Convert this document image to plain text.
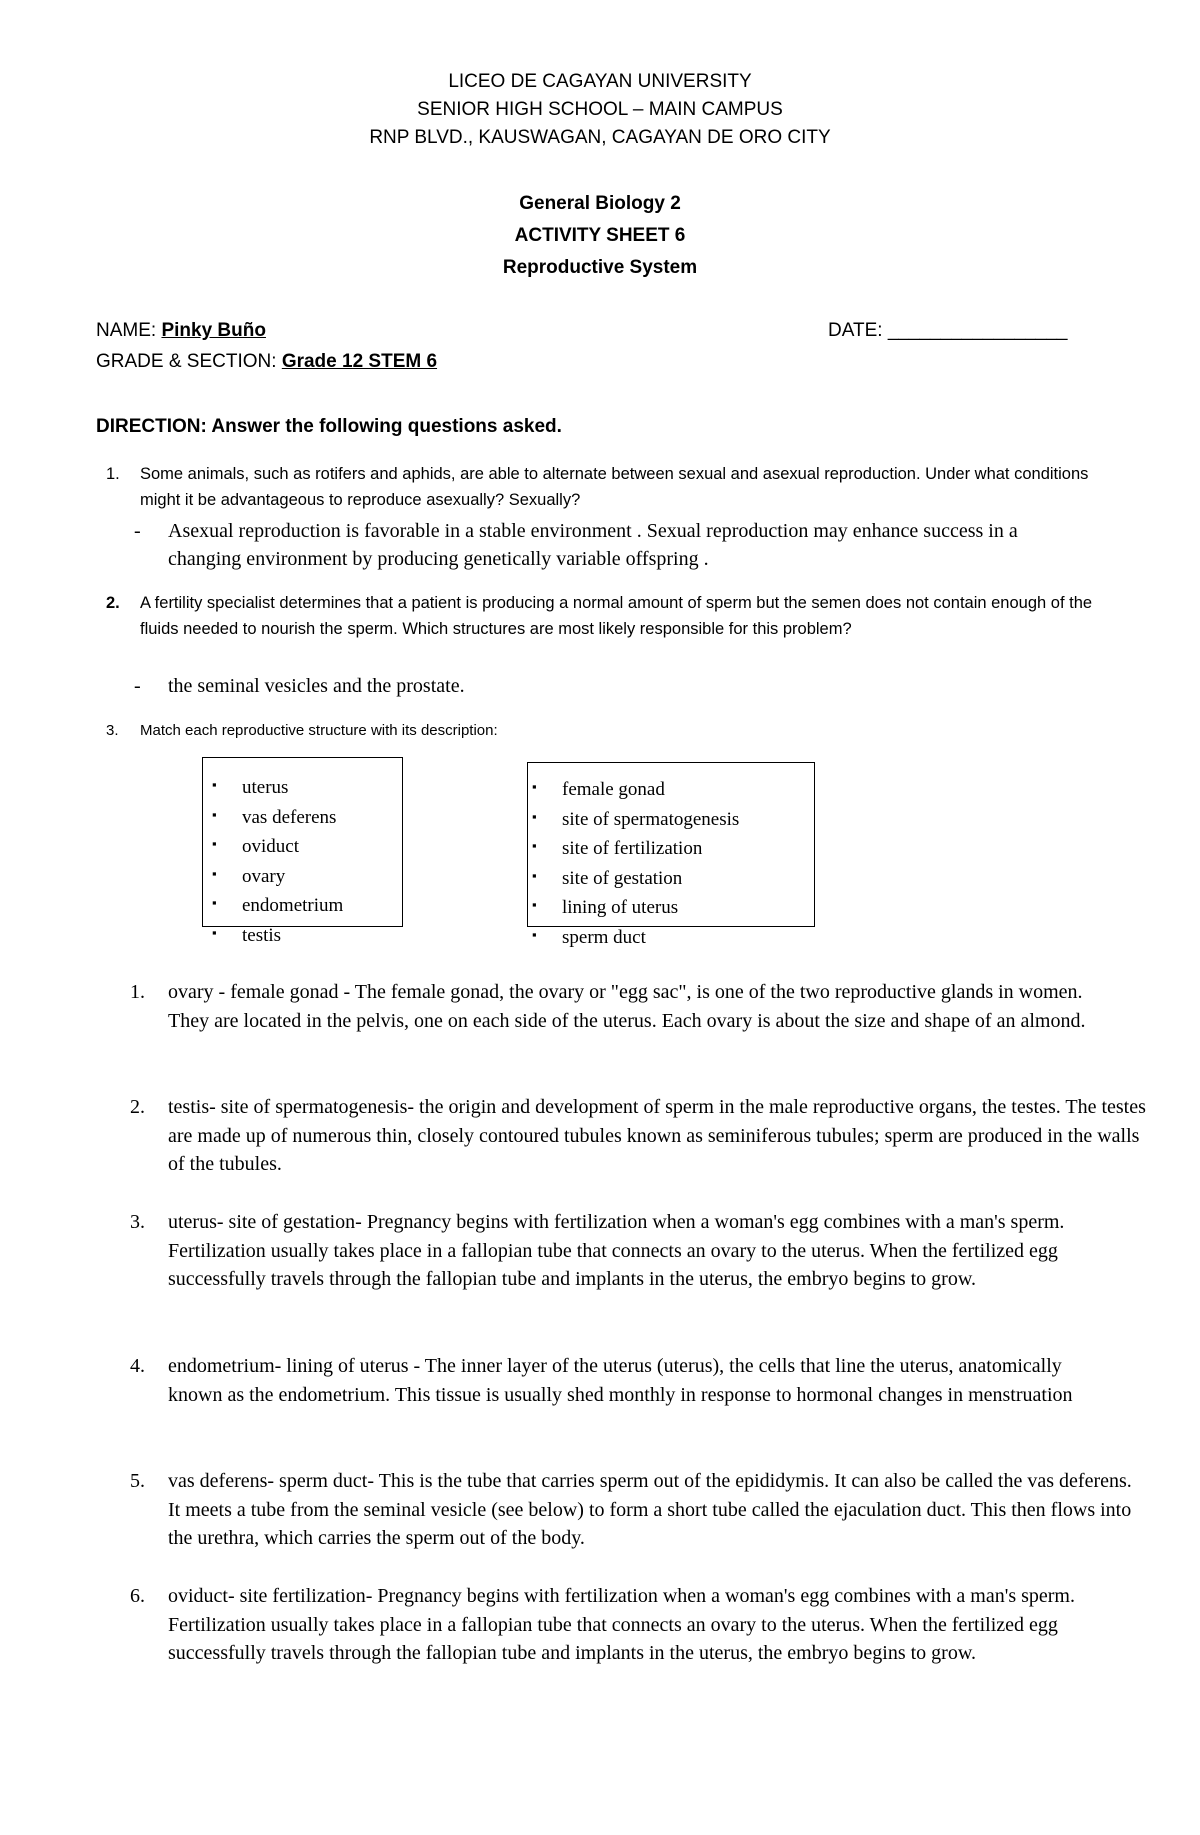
LICEO DE CAGAYAN UNIVERSITY
SENIOR HIGH SCHOOL – MAIN CAMPUS
RNP BLVD., KAUSWAGAN, CAGAYAN DE ORO CITY
General Biology 2
ACTIVITY SHEET 6
Reproductive System
NAME: Pinky Buño	DATE: _________________
GRADE & SECTION: Grade 12 STEM 6
DIRECTION: Answer the following questions asked.
1. Some animals, such as rotifers and aphids, are able to alternate between sexual and asexual reproduction. Under what conditions might it be advantageous to reproduce asexually? Sexually?
- Asexual reproduction is favorable in a stable environment . Sexual reproduction may enhance success in a changing environment by producing genetically variable offspring .
2. A fertility specialist determines that a patient is producing a normal amount of sperm but the semen does not contain enough of the fluids needed to nourish the sperm. Which structures are most likely responsible for this problem?
- the seminal vesicles and the prostate.
3. Match each reproductive structure with its description:
▪ uterus
▪ vas deferens
▪ oviduct
▪ ovary
▪ endometrium
▪ testis
▪ female gonad
▪ site of spermatogenesis
▪ site of fertilization
▪ site of gestation
▪ lining of uterus
▪ sperm duct
1. ovary - female gonad - The female gonad, the ovary or "egg sac", is one of the two reproductive glands in women. They are located in the pelvis, one on each side of the uterus. Each ovary is about the size and shape of an almond.
2. testis- site of spermatogenesis- the origin and development of sperm in the male reproductive organs, the testes. The testes are made up of numerous thin, closely contoured tubules known as seminiferous tubules; sperm are produced in the walls of the tubules.
3. uterus- site of gestation- Pregnancy begins with fertilization when a woman's egg combines with a man's sperm. Fertilization usually takes place in a fallopian tube that connects an ovary to the uterus. When the fertilized egg successfully travels through the fallopian tube and implants in the uterus, the embryo begins to grow.
4. endometrium- lining of uterus - The inner layer of the uterus (uterus), the cells that line the uterus, anatomically known as the endometrium. This tissue is usually shed monthly in response to hormonal changes in menstruation
5. vas deferens- sperm duct- This is the tube that carries sperm out of the epididymis. It can also be called the vas deferens. It meets a tube from the seminal vesicle (see below) to form a short tube called the ejaculation duct. This then flows into the urethra, which carries the sperm out of the body.
6. oviduct- site fertilization- Pregnancy begins with fertilization when a woman's egg combines with a man's sperm. Fertilization usually takes place in a fallopian tube that connects an ovary to the uterus. When the fertilized egg successfully travels through the fallopian tube and implants in the uterus, the embryo begins to grow.
